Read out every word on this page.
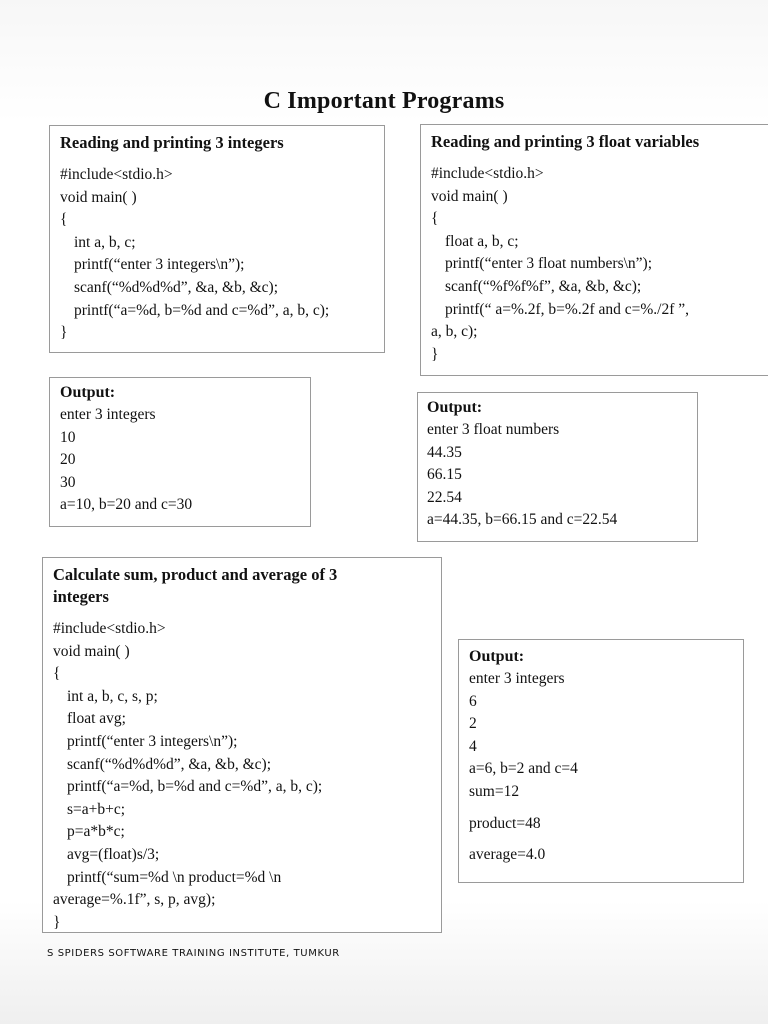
C Important Programs
Reading and printing 3 integers
#include<stdio.h>
void main( )
{
int a, b, c;
printf(“enter 3 integers\n”);
scanf(“%d%d%d”, &a, &b, &c);
printf(“a=%d, b=%d and c=%d”, a, b, c);
}
Output:
enter 3 integers
10
20
30
a=10, b=20 and c=30
Reading and printing 3 float variables
#include<stdio.h>
void main( )
{
float a, b, c;
printf(“enter 3 float numbers\n”);
scanf(“%f%f%f”, &a, &b, &c);
printf(“ a=%.2f, b=%.2f and c=%./2f ”,
a, b, c);
}
Output:
enter 3 float numbers
44.35
66.15
22.54
a=44.35, b=66.15 and c=22.54
Calculate sum, product and average of 3
integers
#include<stdio.h>
void main( )
{
int a, b, c, s, p;
float avg;
printf(“enter 3 integers\n”);
scanf(“%d%d%d”, &a, &b, &c);
printf(“a=%d, b=%d and c=%d”, a, b, c);
s=a+b+c;
p=a*b*c;
avg=(float)s/3;
printf(“sum=%d \n product=%d \n
average=%.1f”, s, p, avg);
}
Output:
enter 3 integers
6
2
4
a=6, b=2 and c=4
sum=12
product=48
average=4.0
S SPIDERS SOFTWARE TRAINING INSTITUTE, TUMKUR
